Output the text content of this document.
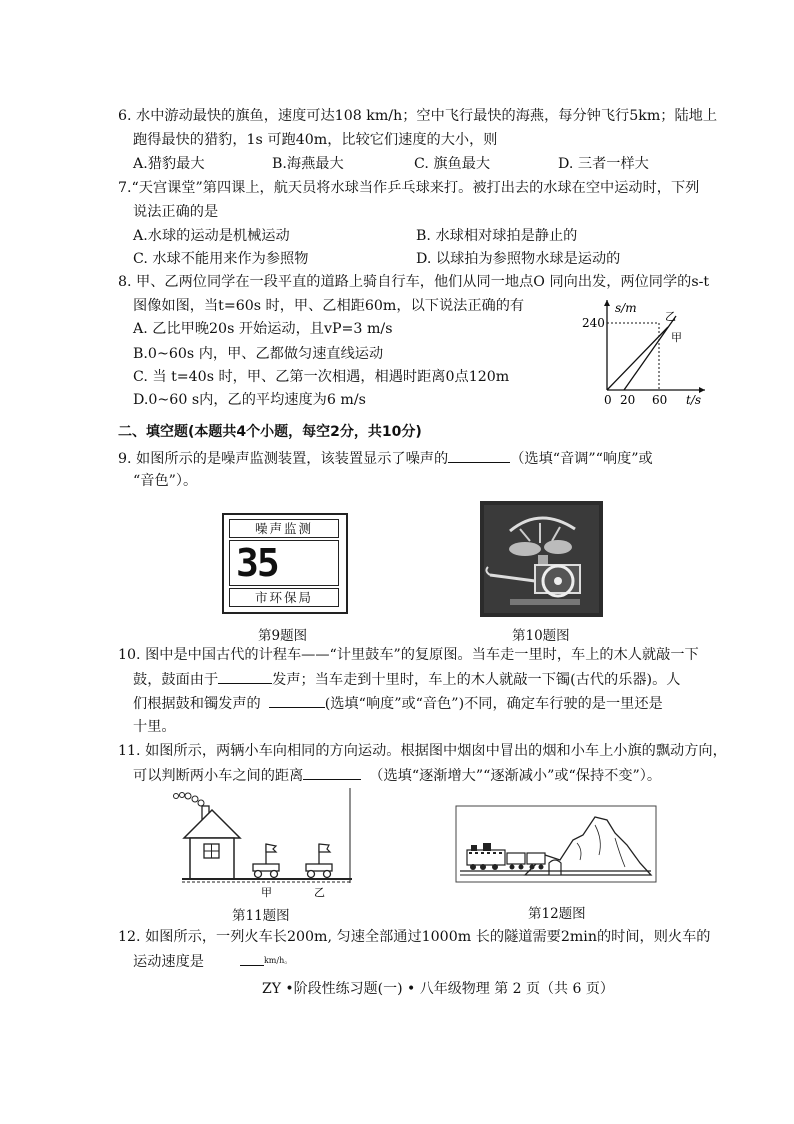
6. 水中游动最快的旗鱼，速度可达108 km/h；空中飞行最快的海燕，每分钟飞行5km；陆地上
跑得最快的猎豹，1s 可跑40m，比较它们速度的大小，则
A.猎豹最大	B.海燕最大	C. 旗鱼最大	D. 三者一样大
7.“天宫课堂”第四课上，航天员将水球当作乒乓球来打。被打出去的水球在空中运动时，下列
说法正确的是
A.水球的运动是机械运动	B. 水球相对球拍是静止的
C. 水球不能用来作为参照物	D. 以球拍为参照物水球是运动的
8. 甲、乙两位同学在一段平直的道路上骑自行车，他们从同一地点O 同向出发，两位同学的s-t
图像如图，当t=60s 时，甲、乙相距60m，以下说法正确的有
A. 乙比甲晚20s 开始运动，且vP=3 m/s
B.0~60s 内，甲、乙都做匀速直线运动
C. 当 t=40s 时，甲、乙第一次相遇，相遇时距离0点120m
D.0~60 s内，乙的平均速度为6 m/s
s/m
240
0 20 60 t/s
乙
甲
二、填空题(本题共4个小题，每空2分，共10分)
9. 如图所示的是噪声监测装置，该装置显示了噪声的	（选填“音调”“响度”或
“音色”）。
噪声监测
35
市环保局
第9题图	第10题图
10. 图中是中国古代的计程车——“计里鼓车”的复原图。当车走一里时，车上的木人就敲一下
鼓，鼓面由于	发声；当车走到十里时，车上的木人就敲一下镯(古代的乐器)。人
们根据鼓和镯发声的	(选填“响度”或“音色”)不同，确定车行驶的是一里还是
十里。
11. 如图所示，两辆小车向相同的方向运动。根据图中烟囱中冒出的烟和小车上小旗的飘动方向，
可以判断两小车之间的距离	（选填“逐渐增大”“逐渐减小”或“保持不变”）。
甲	乙
第11题图	第12题图
12. 如图所示，一列火车长200m, 匀速全部通过1000m 长的隧道需要2min的时间，则火车的
运动速度是	$^{km/h。}$
ZY •阶段性练习题(一) • 八年级物理 第 2 页（共 6 页）
